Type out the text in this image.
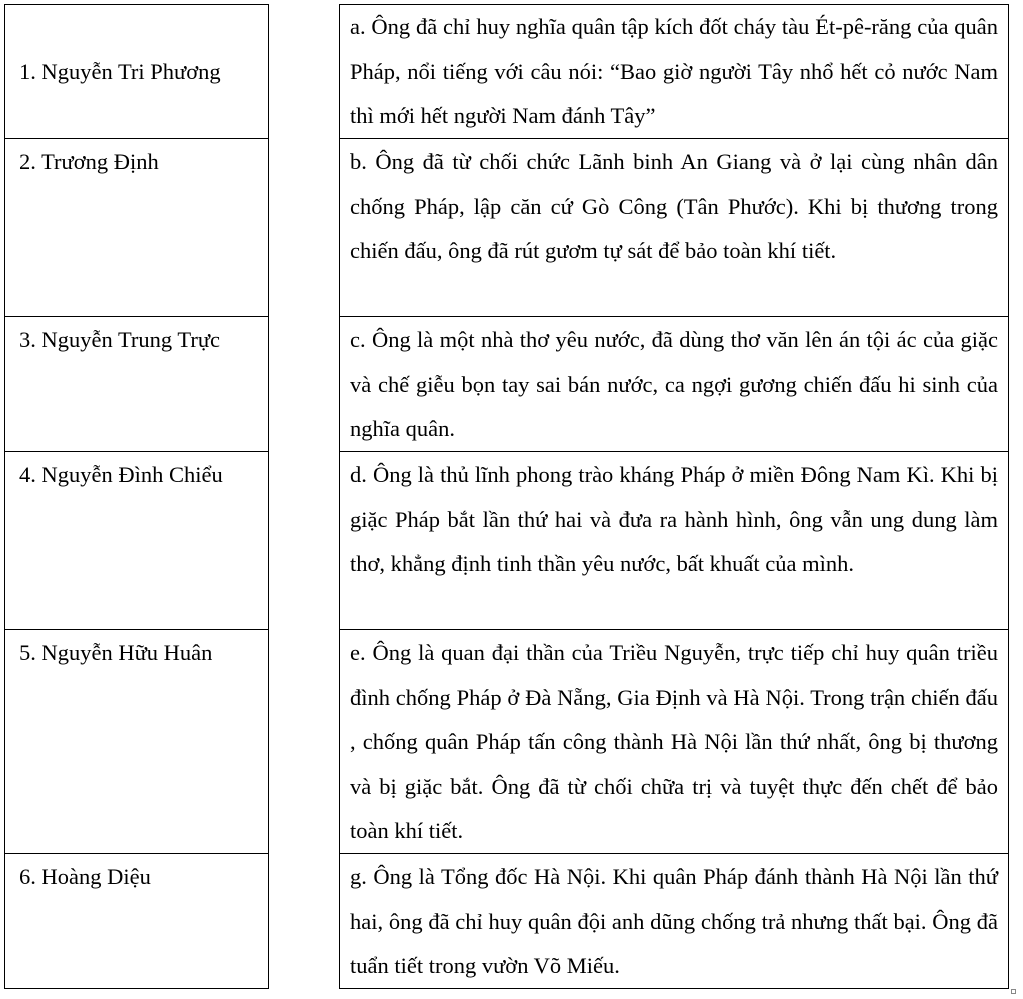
1. Nguyễn Tri Phương
2. Trương Định
3. Nguyễn Trung Trực
4. Nguyễn Đình Chiểu
5. Nguyễn Hữu Huân
6. Hoàng Diệu
a. Ông đã chỉ huy nghĩa quân tập kích đốt cháy tàu Ét-pê-răng của quân Pháp, nổi tiếng với câu nói: “Bao giờ người Tây nhổ hết cỏ nước Nam thì mới hết người Nam đánh Tây”
b. Ông đã từ chối chức Lãnh binh An Giang và ở lại cùng nhân dân chống Pháp, lập căn cứ Gò Công (Tân Phước). Khi bị thương trong chiến đấu, ông đã rút gươm tự sát để bảo toàn khí tiết.
c. Ông là một nhà thơ yêu nước, đã dùng thơ văn lên án tội ác của giặc và chế giễu bọn tay sai bán nước, ca ngợi gương chiến đấu hi sinh của nghĩa quân.
d. Ông là thủ lĩnh phong trào kháng Pháp ở miền Đông Nam Kì. Khi bị giặc Pháp bắt lần thứ hai và đưa ra hành hình, ông vẫn ung dung làm thơ, khẳng định tinh thần yêu nước, bất khuất của mình.
e. Ông là quan đại thần của Triều Nguyễn, trực tiếp chỉ huy quân triều đình chống Pháp ở Đà Nẵng, Gia Định và Hà Nội. Trong trận chiến đấu , chống quân Pháp tấn công thành Hà Nội lần thứ nhất, ông bị thương và bị giặc bắt. Ông đã từ chối chữa trị và tuyệt thực đến chết để bảo toàn khí tiết.
g. Ông là Tổng đốc Hà Nội. Khi quân Pháp đánh thành Hà Nội lần thứ hai, ông đã chỉ huy quân đội anh dũng chống trả nhưng thất bại. Ông đã tuẩn tiết trong vườn Võ Miếu.
